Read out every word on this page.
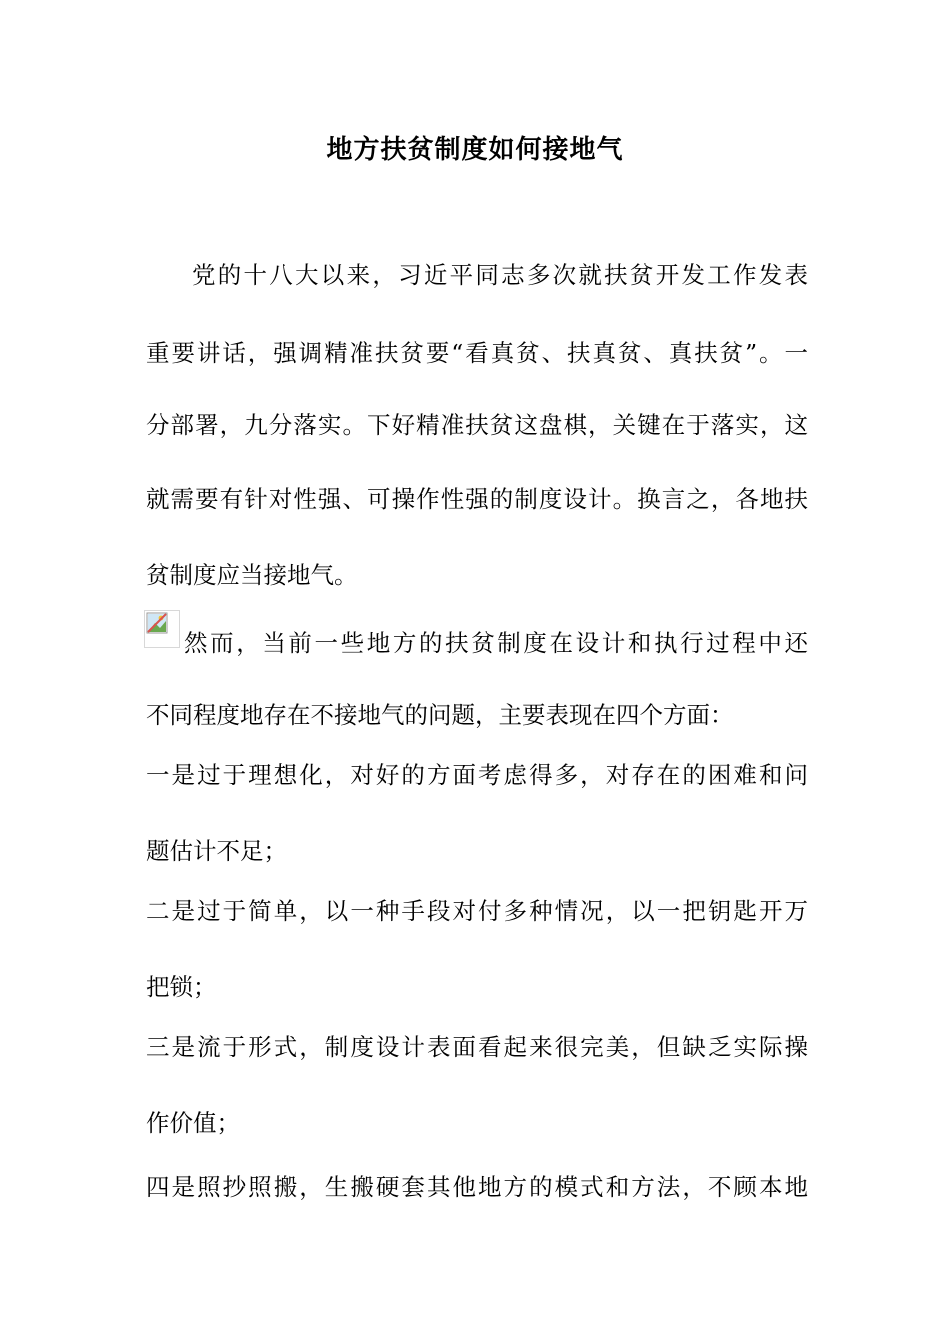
地方扶贫制度如何接地气
党的十八大以来，习近平同志多次就扶贫开发工作发表
重要讲话，强调精准扶贫要“看真贫、扶真贫、真扶贫”。一
分部署，九分落实。下好精准扶贫这盘棋，关键在于落实，这
就需要有针对性强、可操作性强的制度设计。换言之，各地扶
贫制度应当接地气。
然而，当前一些地方的扶贫制度在设计和执行过程中还
不同程度地存在不接地气的问题，主要表现在四个方面：
一是过于理想化，对好的方面考虑得多，对存在的困难和问
题估计不足；
二是过于简单，以一种手段对付多种情况，以一把钥匙开万
把锁；
三是流于形式，制度设计表面看起来很完美，但缺乏实际操
作价值；
四是照抄照搬，生搬硬套其他地方的模式和方法，不顾本地
